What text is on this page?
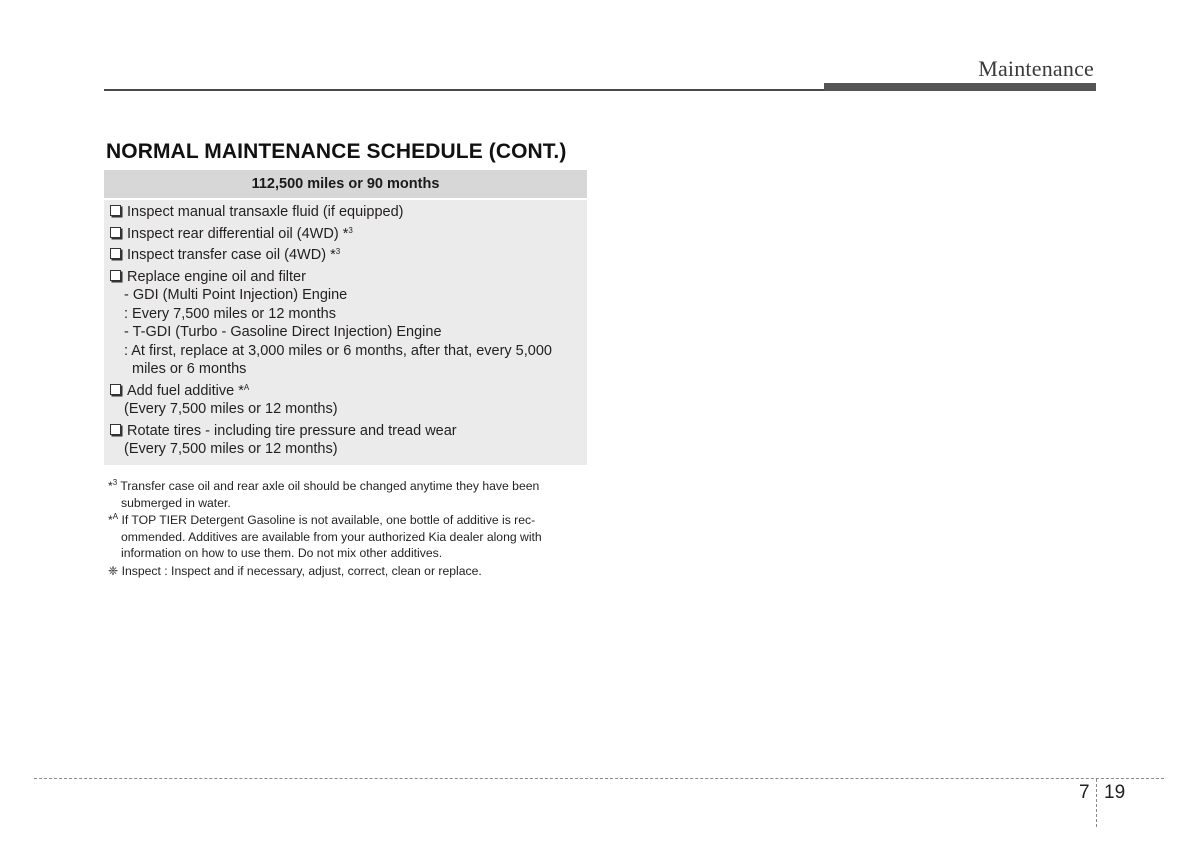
Maintenance
NORMAL MAINTENANCE SCHEDULE (CONT.)
112,500 miles or 90 months
Inspect manual transaxle fluid (if equipped)
Inspect rear differential oil (4WD) *$^3$
Inspect transfer case oil (4WD) *$^3$
Replace engine oil and filter
- GDI (Multi Point Injection) Engine
: Every 7,500 miles or 12 months
- T-GDI (Turbo - Gasoline Direct Injection) Engine
: At first, replace at 3,000 miles or 6 months, after that, every 5,000
miles or 6 months
Add fuel additive *$^A$
(Every 7,500 miles or 12 months)
Rotate tires - including tire pressure and tread wear
(Every 7,500 miles or 12 months)
*$^3$ Transfer case oil and rear axle oil should be changed anytime they have been
submerged in water.
*$^A$ If TOP TIER Detergent Gasoline is not available, one bottle of additive is rec-
ommended. Additives are available from your authorized Kia dealer along with
information on how to use them. Do not mix other additives.
❈ Inspect : Inspect and if necessary, adjust, correct, clean or replace.
7 19
